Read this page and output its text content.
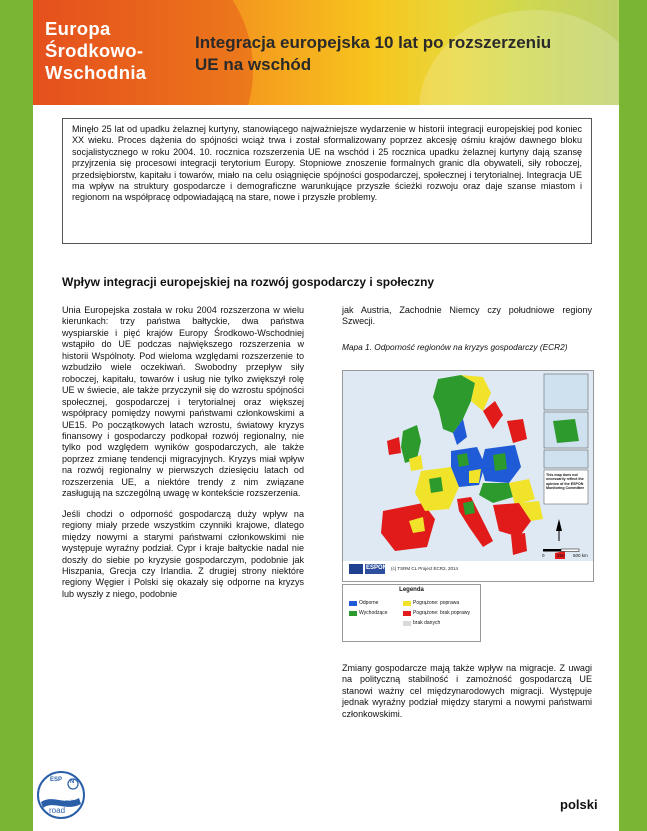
Europa Środkowo-Wschodnia
Integracja europejska 10 lat po rozszerzeniu UE na wschód
Minęło 25 lat od upadku żelaznej kurtyny, stanowiącego najważniejsze wydarzenie w historii integracji europejskiej pod koniec XX wieku. Proces dążenia do spójności wciąż trwa i został sformalizowany poprzez akcesję ośmiu krajów dawnego bloku socjalistycznego w roku 2004. 10. rocznica rozszerzenia UE na wschód i 25 rocznica upadku żelaznej kurtyny dają szansę przyjrzenia się procesowi integracji terytorium Europy. Stopniowe znoszenie formalnych granic dla obywateli, siły roboczej, przedsiębiorstw, kapitału i towarów, miało na celu osiągnięcie spójności gospodarczej, społecznej i terytorialnej. Integracja UE ma wpływ na struktury gospodarcze i demograficzne warunkujące przyszłe ścieżki rozwoju oraz daje szanse miastom i regionom na współpracę odpowiadającą na stare, nowe i przyszłe problemy.
Wpływ integracji europejskiej na rozwój gospodarczy i społeczny

Unia Europejska została w roku 2004 rozszerzona w wielu kierunkach: trzy państwa bałtyckie, dwa państwa wyspiarskie i pięć krajów Europy Środkowo-Wschodniej wstąpiło do UE podczas największego rozszerzenia w historii Wspólnoty. Pod wieloma względami rozszerzenie to wzbudziło wiele oczekiwań. Swobodny przepływ siły roboczej, kapitału, towarów i usług nie tylko zwiększył rolę UE w świecie, ale także przyczynił się do wzrostu spójności społecznej, gospodarczej i terytorialnej oraz większej współpracy pomiędzy nowymi państwami członkowskimi a UE15. Po początkowych latach wzrostu, światowy kryzys finansowy i gospodarczy podkopał rozwój regionalny, nie tylko pod względem wyników gospodarczych, ale także poprzez zmianę tendencji migracyjnych. Kryzys miał wpływ na rozwój regionalny w pierwszych dziesięciu latach od rozszerzenia UE, a niektóre trendy z nim związane zasługują na szczególną uwagę w kontekście rozszerzenia.

Jeśli chodzi o odporność gospodarczą duży wpływ na regiony miały przede wszystkim czynniki krajowe, dlatego między nowymi a starymi państwami członkowskimi nie występuje wyraźny podział. Cypr i kraje bałtyckie nadal nie doszły do siebie po kryzysie gospodarczym, podobnie jak Hiszpania, Grecja czy Irlandia. Z drugiej strony niektóre regiony Węgier i Polski się okazały się odporne na kryzys lub wyszły z niego, podobnie

jak Austria, Zachodnie Niemcy czy południowe regiony Szwecji.
Mapa 1. Odporność regionów na kryzys gospodarczy (ECR2)
ESPON (c) TSRM CL Project ECR2, 2014
This map does not necessarily reflect the opinion of the ESPON Monitoring Committee
0	250 500 km
Legenda
Odporne
Wychodzące
Pogrążone: poprawa
Pogrążone: brak poprawy
brak danych
Zmiany gospodarcze mają także wpływ na migracje. Z uwagi na polityczną stabilność i zamożność gospodarczą UE stanowi ważny cel międzynarodowych migracji. Występuje jednak wyraźny podział między starymi a nowymi państwami członkowskimi.
ESP N
on the
road	polski
